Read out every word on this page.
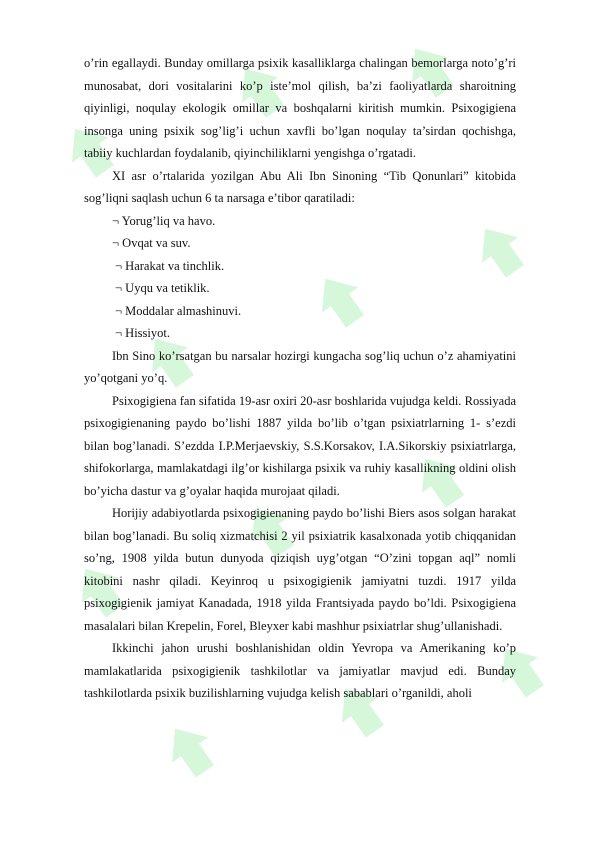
o’rin egallaydi. Bunday omillarga psixik kasalliklarga chalingan bemorlarga noto’g’ri munosabat, dori vositalarini ko’p iste’mol qilish, ba’zi faoliyatlarda sharoitning qiyinligi, noqulay ekologik omillar va boshqalarni kiritish mumkin. Psixogigiena insonga uning psixik sog’lig’i uchun xavfli bo’lgan noqulay ta’sirdan qochishga, tabiiy kuchlardan foydalanib, qiyinchiliklarni yengishga o’rgatadi.

XI asr o’rtalarida yozilgan Abu Ali Ibn Sinoning “Tib Qonunlari” kitobida sog’liqni saqlash uchun 6 ta narsaga e’tibor qaratiladi:

¬ Yorug’liq va havo.

¬ Ovqat va suv.

¬ Harakat va tinchlik.

¬ Uyqu va tetiklik.

¬ Moddalar almashinuvi.

¬ Hissiyot.

Ibn Sino ko’rsatgan bu narsalar hozirgi kungacha sog’liq uchun o’z ahamiyatini yo’qotgani yo’q.

Psixogigiena fan sifatida 19-asr oxiri 20-asr boshlarida vujudga keldi. Rossiyada psixogigienaning paydo bo’lishi 1887 yilda bo’lib o’tgan psixiatrlarning 1- s’ezdi bilan bog’lanadi. S’ezdda I.P.Merjaevskiy, S.S.Korsakov, I.A.Sikorskiy psixiatrlarga, shifokorlarga, mamlakatdagi ilg’or kishilarga psixik va ruhiy kasallikning oldini olish bo’yicha dastur va g’oyalar haqida murojaat qiladi.

Horijiy adabiyotlarda psixogigienaning paydo bo’lishi Biers asos solgan harakat bilan bog’lanadi. Bu soliq xizmatchisi 2 yil psixiatrik kasalxonada yotib chiqqanidan so’ng, 1908 yilda butun dunyoda qiziqish uyg’otgan “O’zini topgan aql” nomli kitobini nashr qiladi. Keyinroq u psixogigienik jamiyatni tuzdi. 1917 yilda psixogigienik jamiyat Kanadada, 1918 yilda Frantsiyada paydo bo’ldi. Psixogigiena masalalari bilan Krepelin, Forel, Bleyxer kabi mashhur psixiatrlar shug’ullanishadi.

Ikkinchi jahon urushi boshlanishidan oldin Yevropa va Amerikaning ko’p mamlakatlarida psixogigienik tashkilotlar va jamiyatlar mavjud edi. Bunday tashkilotlarda psixik buzilishlarning vujudga kelish sabablari o’rganildi, aholi
